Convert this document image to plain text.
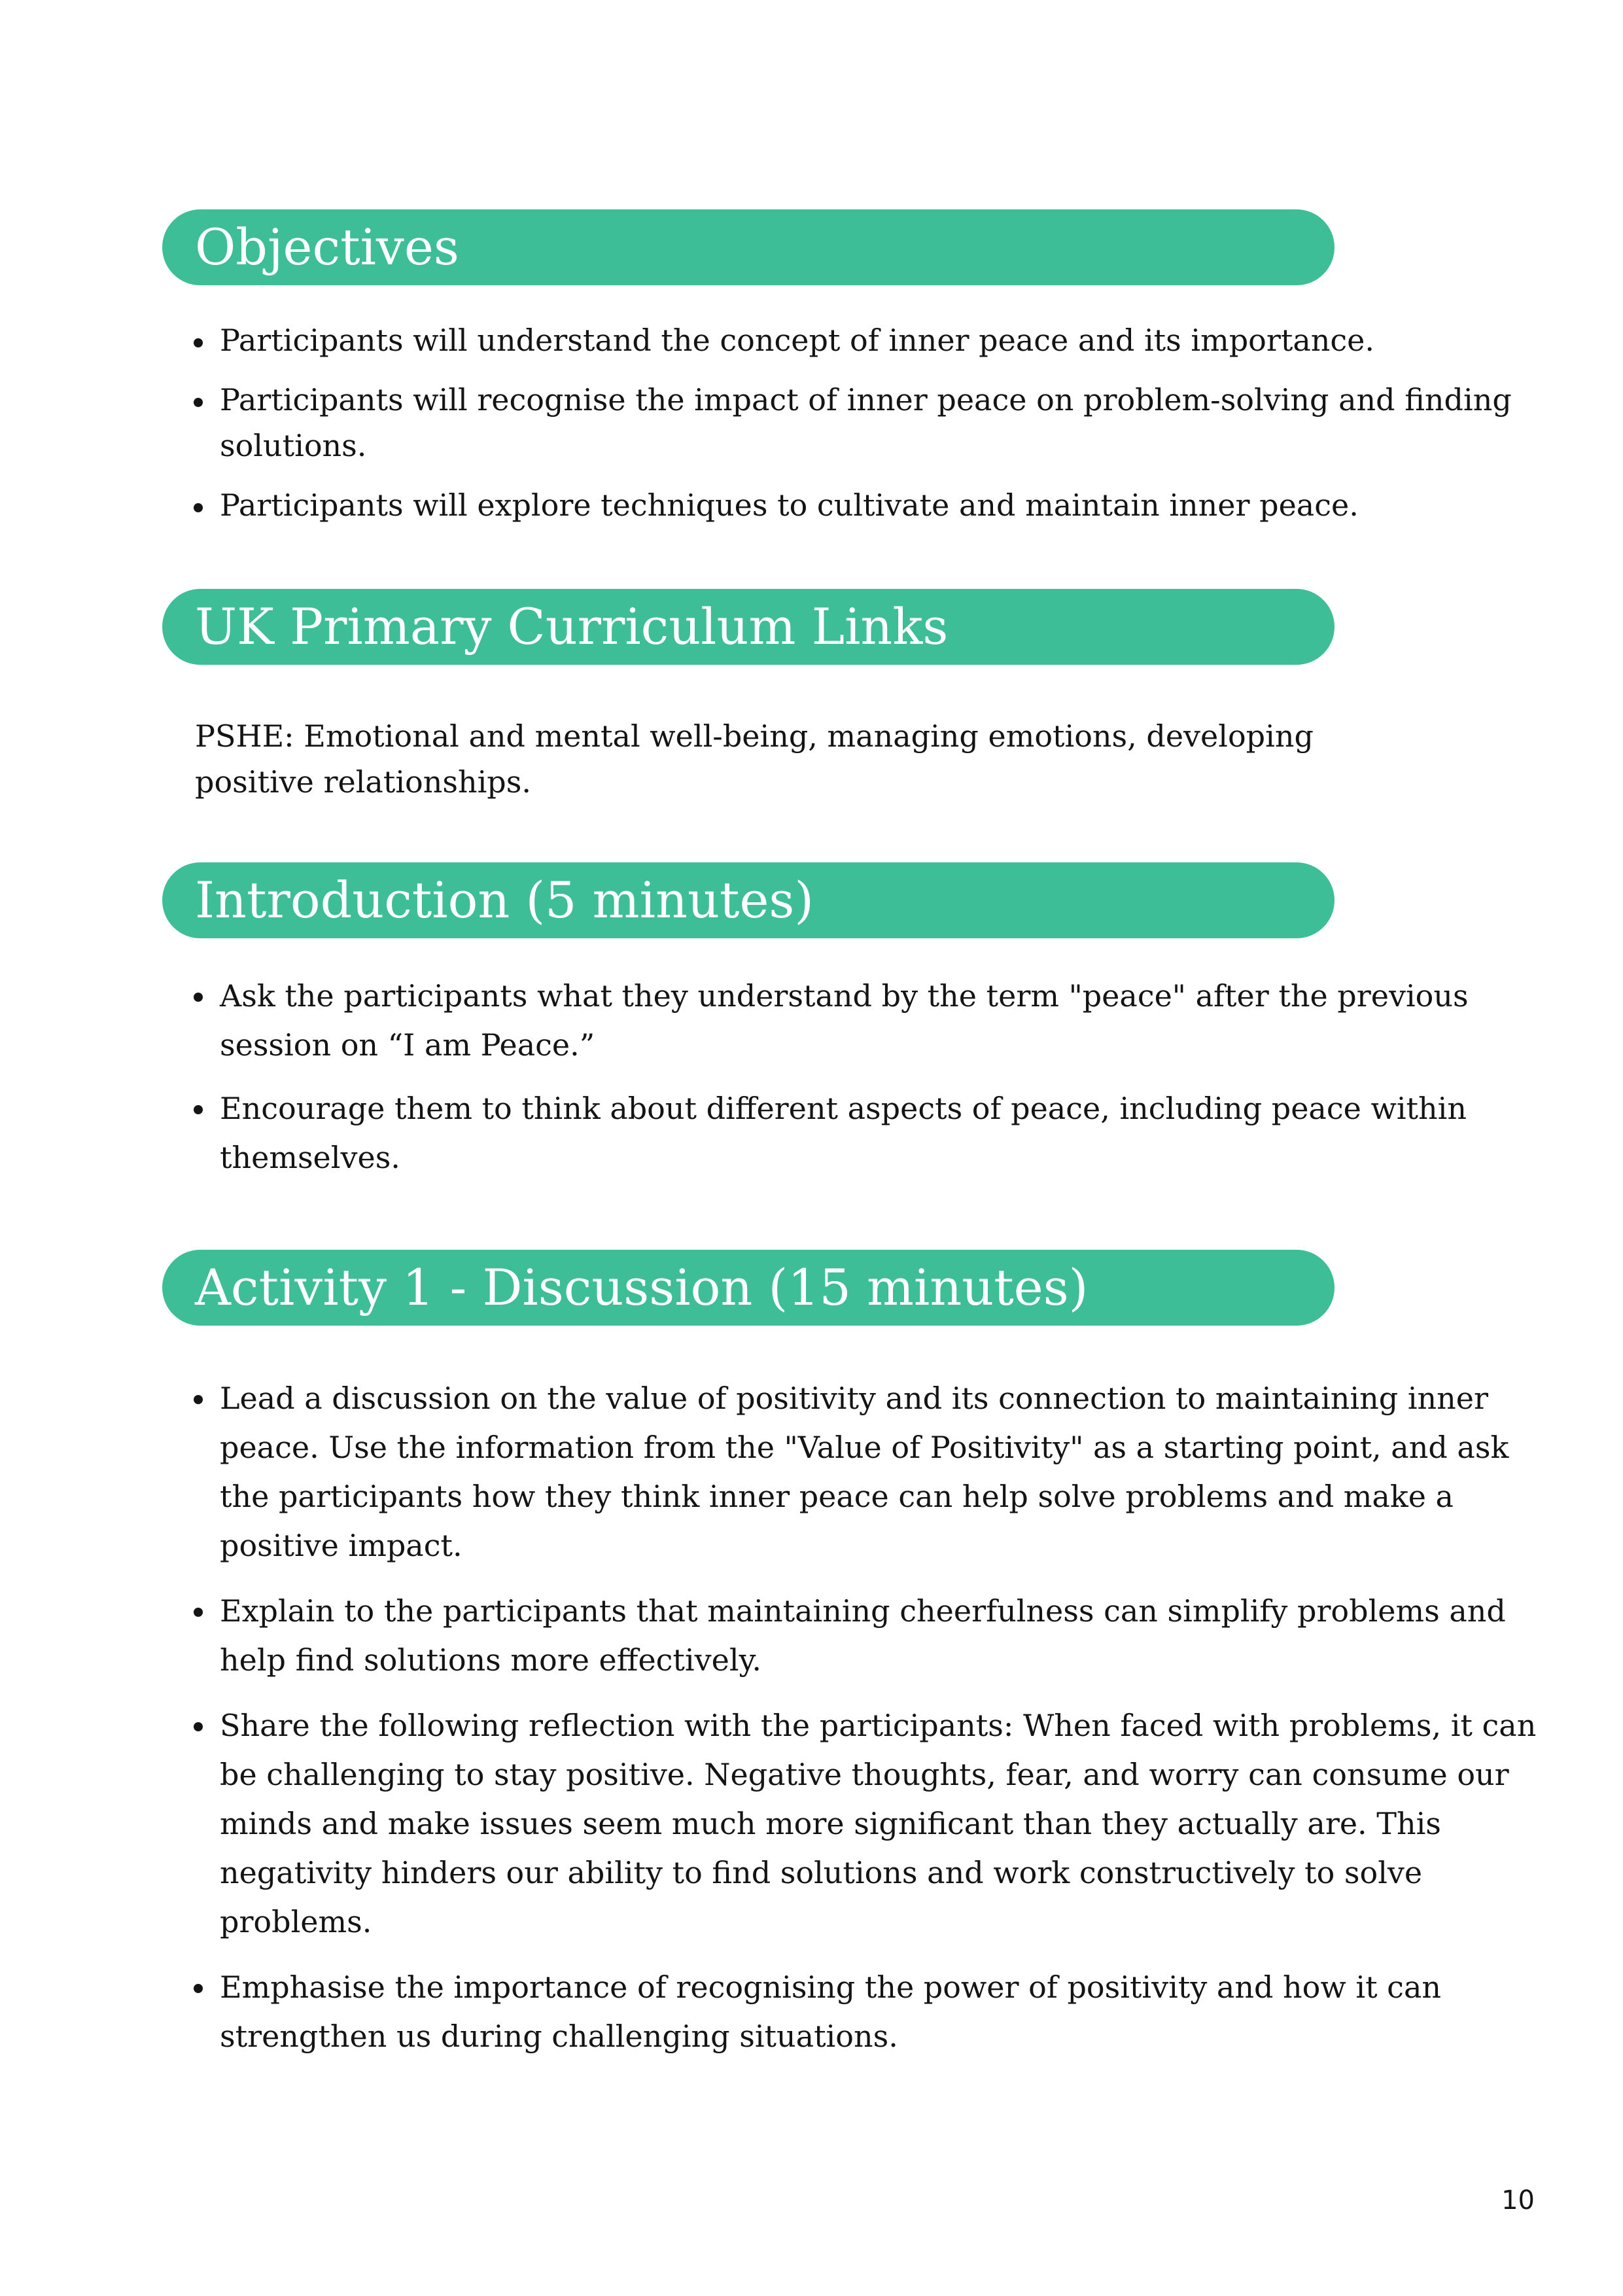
Objectives
Participants will understand the concept of inner peace and its importance.
Participants will recognise the impact of inner peace on problem-solving and finding solutions.
Participants will explore techniques to cultivate and maintain inner peace.
UK Primary Curriculum Links

PSHE: Emotional and mental well-being, managing emotions, developing positive relationships.

Introduction (5 minutes)
Ask the participants what they understand by the term "peace" after the previous session on “I am Peace.”
Encourage them to think about different aspects of peace, including peace within themselves.
Activity 1 - Discussion (15 minutes)
Lead a discussion on the value of positivity and its connection to maintaining inner peace. Use the information from the "Value of Positivity" as a starting point, and ask the participants how they think inner peace can help solve problems and make a positive impact.
Explain to the participants that maintaining cheerfulness can simplify problems and help find solutions more effectively.
Share the following reflection with the participants: When faced with problems, it can be challenging to stay positive. Negative thoughts, fear, and worry can consume our minds and make issues seem much more significant than they actually are. This negativity hinders our ability to find solutions and work constructively to solve problems.
Emphasise the importance of recognising the power of positivity and how it can strengthen us during challenging situations.
10
